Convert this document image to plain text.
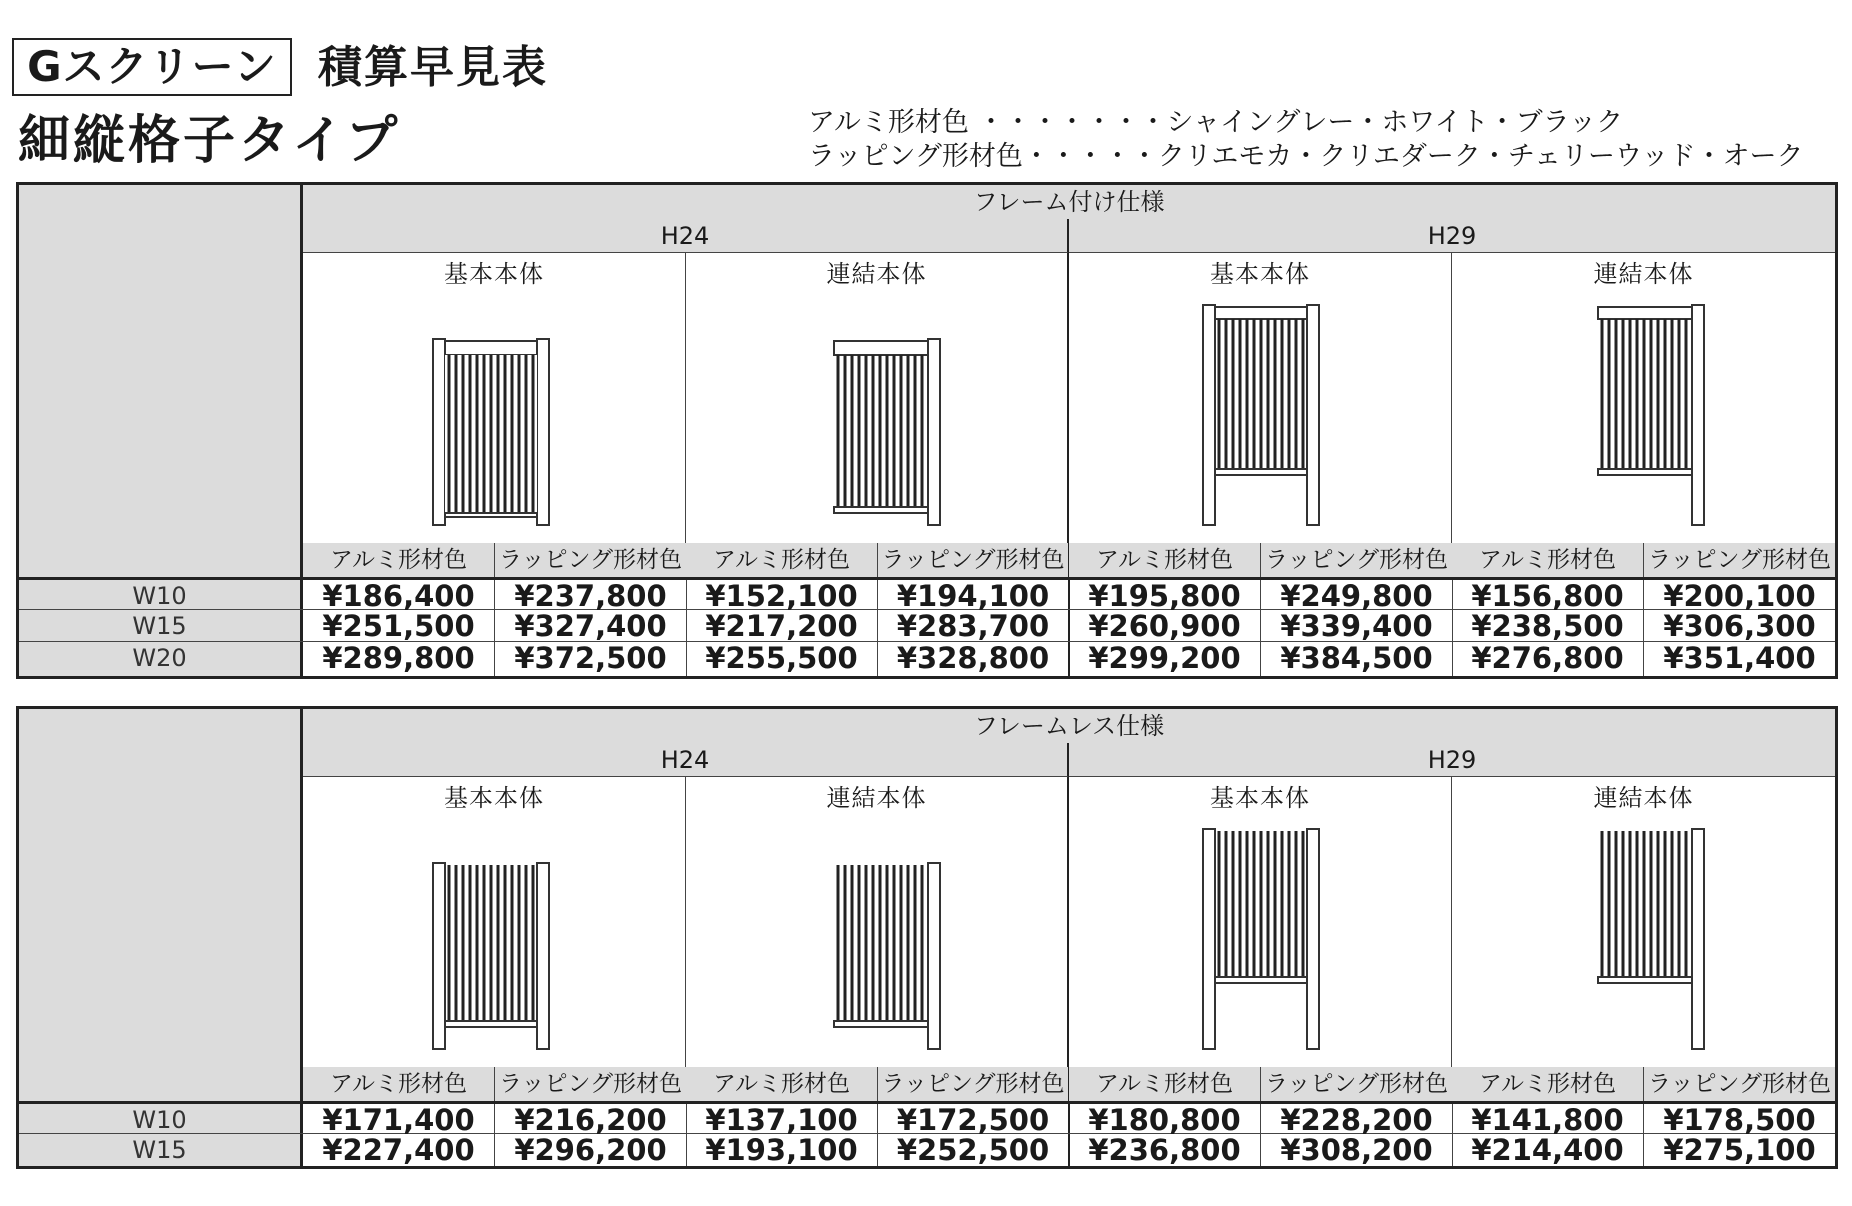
Gスクリーン 積算早見表
細縦格子タイプ	アルミ形材色 ・・・・・・・シャイングレー・ホワイト・ブラック
ラッピング形材色・・・・・クリエモカ・クリエダーク・チェリーウッド・オーク
フレーム付け仕様
H24	H29
基本本体	連結本体	基本本体	連結本体
アルミ形材色	ラッピング形材色	アルミ形材色	ラッピング形材色	アルミ形材色	ラッピング形材色	アルミ形材色	ラッピング形材色
W10	¥186,400	¥237,800	¥152,100	¥194,100	¥195,800	¥249,800	¥156,800	¥200,100
W15	¥251,500	¥327,400	¥217,200	¥283,700	¥260,900	¥339,400	¥238,500	¥306,300
W20	¥289,800	¥372,500	¥255,500	¥328,800	¥299,200	¥384,500	¥276,800	¥351,400
フレームレス仕様
H24	H29
基本本体	連結本体	基本本体	連結本体
アルミ形材色	ラッピング形材色	アルミ形材色	ラッピング形材色	アルミ形材色	ラッピング形材色	アルミ形材色	ラッピング形材色
W10	¥171,400	¥216,200	¥137,100	¥172,500	¥180,800	¥228,200	¥141,800	¥178,500
W15	¥227,400	¥296,200	¥193,100	¥252,500	¥236,800	¥308,200	¥214,400	¥275,100
